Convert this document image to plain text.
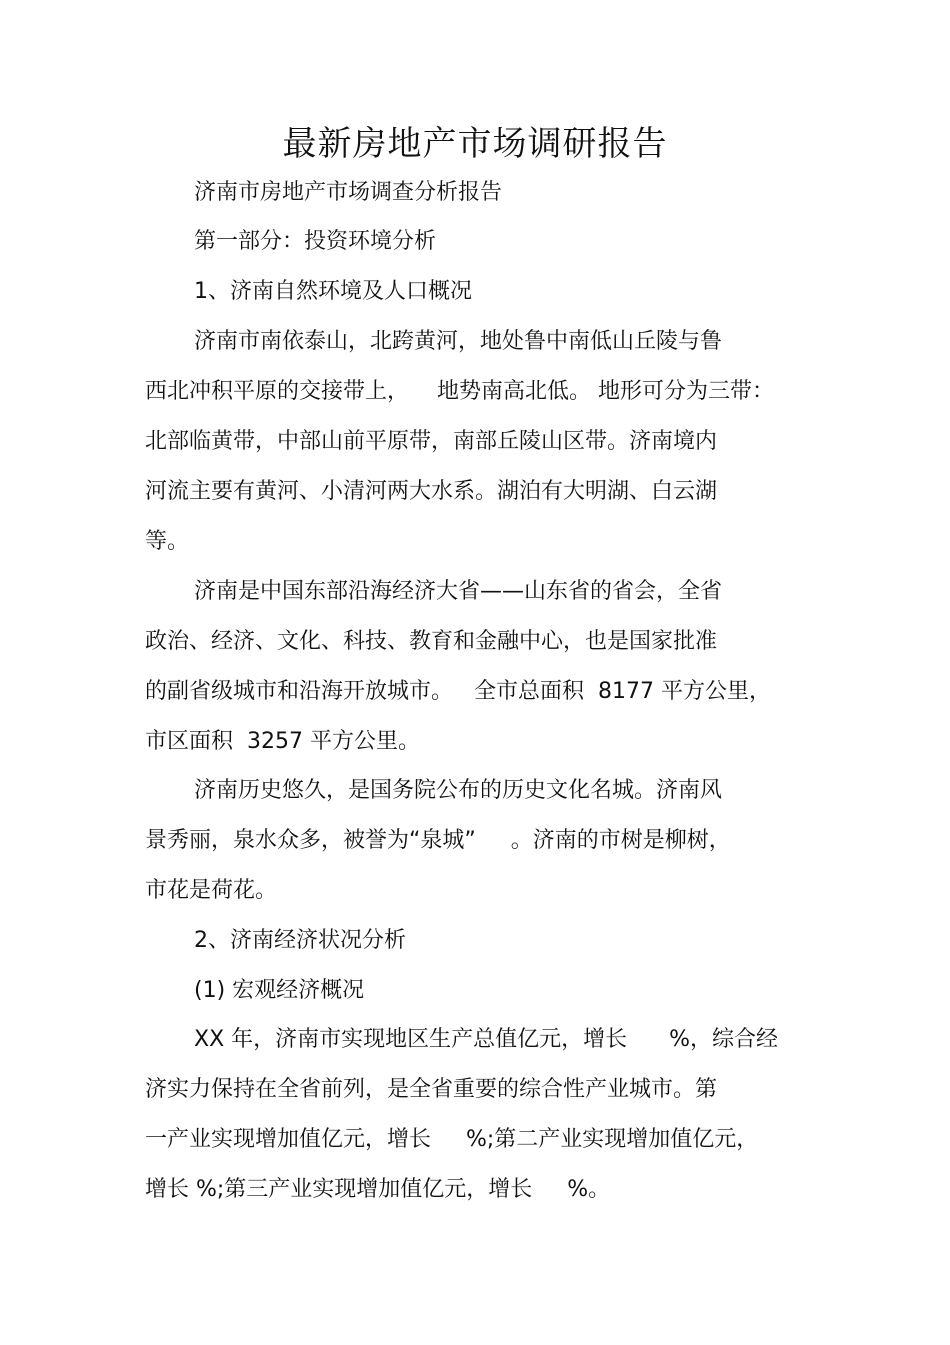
最新房地产市场调研报告
济南市房地产市场调查分析报告
第一部分：投资环境分析
1、济南自然环境及人口概况
济南市南依泰山，北跨黄河，地处鲁中南低山丘陵与鲁
西北冲积平原的交接带上，    地势南高北低。 地形可分为三带：
北部临黄带，中部山前平原带，南部丘陵山区带。济南境内
河流主要有黄河、小清河两大水系。湖泊有大明湖、白云湖
等。
济南是中国东部沿海经济大省——山东省的省会，全省
政治、经济、文化、科技、教育和金融中心，也是国家批准
的副省级城市和沿海开放城市。   全市总面积  8177 平方公里，
市区面积  3257 平方公里。
济南历史悠久，是国务院公布的历史文化名城。济南风
景秀丽，泉水众多，被誉为“泉城”     。济南的市树是柳树，
市花是荷花。
2、济南经济状况分析
(1) 宏观经济概况
XX 年，济南市实现地区生产总值亿元，增长      %，综合经
济实力保持在全省前列，是全省重要的综合性产业城市。第
一产业实现增加值亿元，增长     %;第二产业实现增加值亿元，
增长 %;第三产业实现增加值亿元，增长     %。
